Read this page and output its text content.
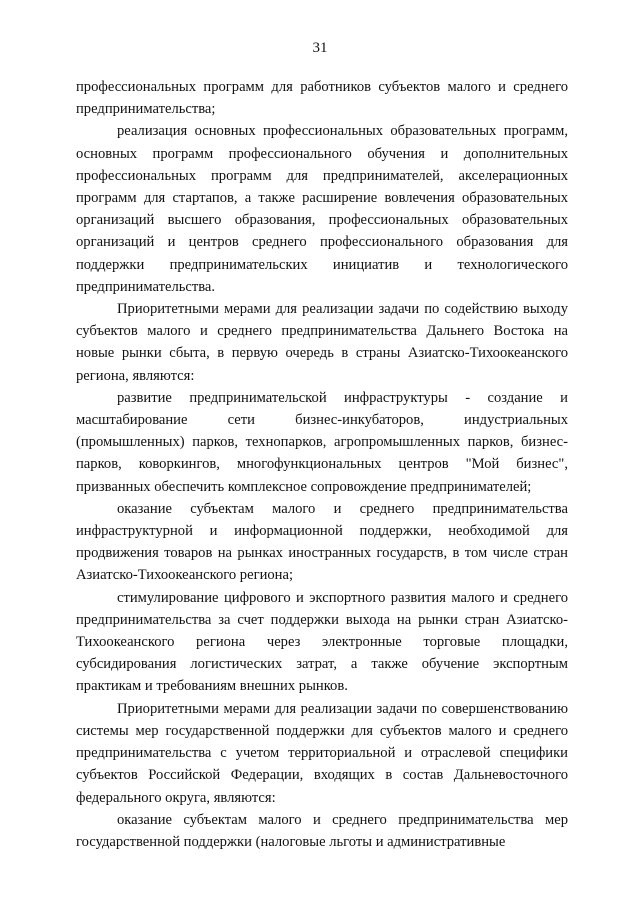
31

профессиональных программ для работников субъектов малого и среднего предпринимательства;

реализация основных профессиональных образовательных программ, основных программ профессионального обучения и дополнительных профессиональных программ для предпринимателей, акселерационных программ для стартапов, а также расширение вовлечения образовательных организаций высшего образования, профессиональных образовательных организаций и центров среднего профессионального образования для поддержки предпринимательских инициатив и технологического предпринимательства.

Приоритетными мерами для реализации задачи по содействию выходу субъектов малого и среднего предпринимательства Дальнего Востока на новые рынки сбыта, в первую очередь в страны Азиатско-Тихоокеанского региона, являются:

развитие предпринимательской инфраструктуры - создание и масштабирование сети бизнес-инкубаторов, индустриальных (промышленных) парков, технопарков, агропромышленных парков, бизнес-парков, коворкингов, многофункциональных центров "Мой бизнес", призванных обеспечить комплексное сопровождение предпринимателей;

оказание субъектам малого и среднего предпринимательства инфраструктурной и информационной поддержки, необходимой для продвижения товаров на рынках иностранных государств, в том числе стран Азиатско-Тихоокеанского региона;

стимулирование цифрового и экспортного развития малого и среднего предпринимательства за счет поддержки выхода на рынки стран Азиатско-Тихоокеанского региона через электронные торговые площадки, субсидирования логистических затрат, а также обучение экспортным практикам и требованиям внешних рынков.

Приоритетными мерами для реализации задачи по совершенствованию системы мер государственной поддержки для субъектов малого и среднего предпринимательства с учетом территориальной и отраслевой специфики субъектов Российской Федерации, входящих в состав Дальневосточного федерального округа, являются:

оказание субъектам малого и среднего предпринимательства мер государственной поддержки (налоговые льготы и административные
